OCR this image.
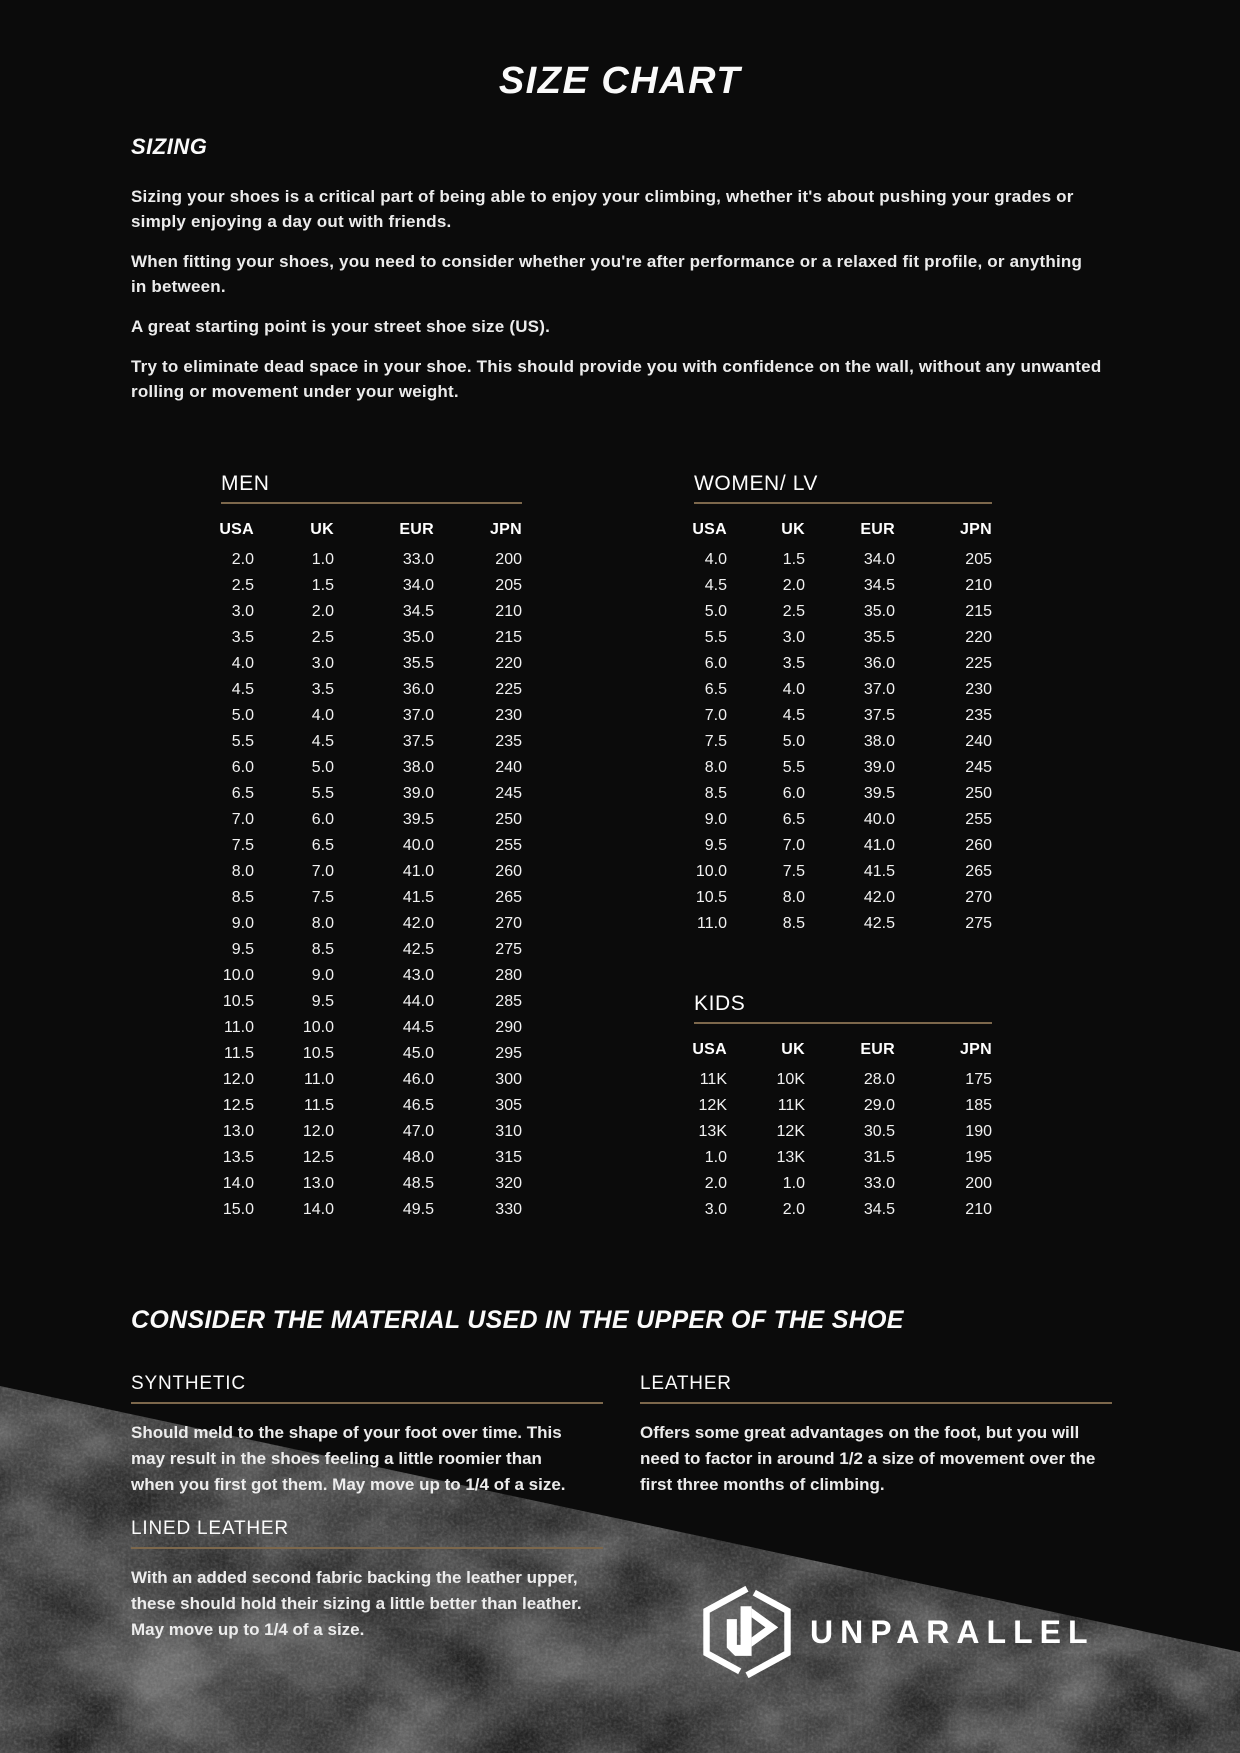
SIZE CHART
SIZING

Sizing your shoes is a critical part of being able to enjoy your climbing, whether it's about pushing your grades or
simply enjoying a day out with friends.

When fitting your shoes, you need to consider whether you're after performance or a relaxed fit profile, or anything
in between.

A great starting point is your street shoe size (US).

Try to eliminate dead space in your shoe. This should provide you with confidence on the wall, without any unwanted
rolling or movement under your weight.

MEN
USA	UK	EUR	JPN
2.0	1.0	33.0	200
2.5	1.5	34.0	205
3.0	2.0	34.5	210
3.5	2.5	35.0	215
4.0	3.0	35.5	220
4.5	3.5	36.0	225
5.0	4.0	37.0	230
5.5	4.5	37.5	235
6.0	5.0	38.0	240
6.5	5.5	39.0	245
7.0	6.0	39.5	250
7.5	6.5	40.0	255
8.0	7.0	41.0	260
8.5	7.5	41.5	265
9.0	8.0	42.0	270
9.5	8.5	42.5	275
10.0	9.0	43.0	280
10.5	9.5	44.0	285
11.0	10.0	44.5	290
11.5	10.5	45.0	295
12.0	11.0	46.0	300
12.5	11.5	46.5	305
13.0	12.0	47.0	310
13.5	12.5	48.0	315
14.0	13.0	48.5	320
15.0	14.0	49.5	330
WOMEN/ LV
USA	UK	EUR	JPN
4.0	1.5	34.0	205
4.5	2.0	34.5	210
5.0	2.5	35.0	215
5.5	3.0	35.5	220
6.0	3.5	36.0	225
6.5	4.0	37.0	230
7.0	4.5	37.5	235
7.5	5.0	38.0	240
8.0	5.5	39.0	245
8.5	6.0	39.5	250
9.0	6.5	40.0	255
9.5	7.0	41.0	260
10.0	7.5	41.5	265
10.5	8.0	42.0	270
11.0	8.5	42.5	275
KIDS
USA	UK	EUR	JPN
11K	10K	28.0	175
12K	11K	29.0	185
13K	12K	30.5	190
1.0	13K	31.5	195
2.0	1.0	33.0	200
3.0	2.0	34.5	210
CONSIDER THE MATERIAL USED IN THE UPPER OF THE SHOE
SYNTHETIC
Should meld to the shape of your foot over time. This
may result in the shoes feeling a little roomier than
when you first got them. May move up to 1/4 of a size.
LEATHER
Offers some great advantages on the foot, but you will
need to factor in around 1/2 a size of movement over the
first three months of climbing.
LINED LEATHER
With an added second fabric backing the leather upper,
these should hold their sizing a little better than leather.
May move up to 1/4 of a size.	UNPARALLEL
